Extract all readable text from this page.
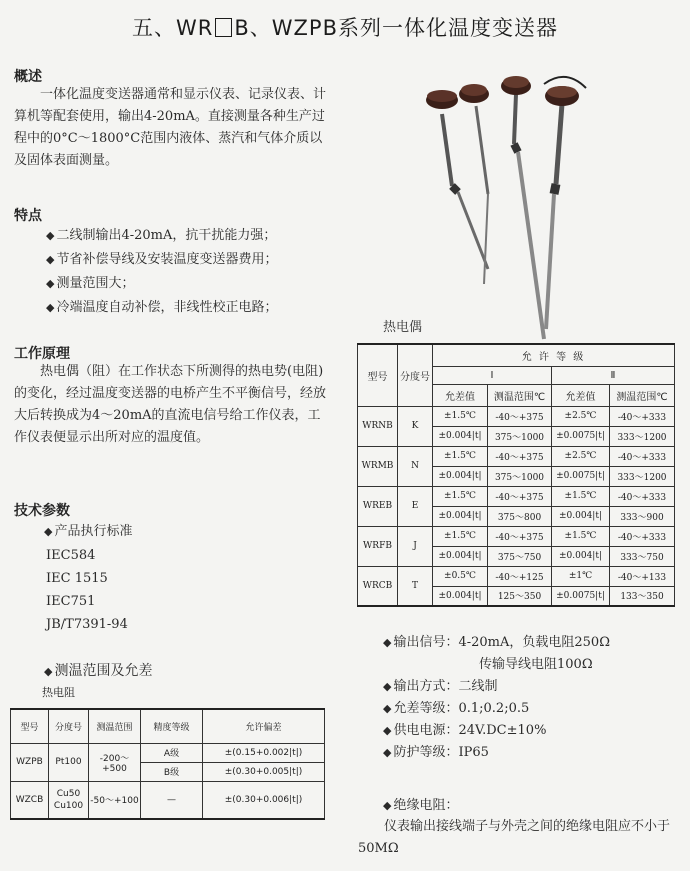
五、WR B、WZPB系列一体化温度变送器
概述
一体化温度变送器通常和显示仪表、记录仪表、计算机等配套使用，输出4-20mA。直接测量各种生产过程中的0°C～1800°C范围内液体、蒸汽和气体介质以及固体表面测量。
特点
◆ 二线制输出4-20mA，抗干扰能力强；
◆ 节省补偿导线及安装温度变送器费用；
◆ 测量范围大；
◆ 冷端温度自动补偿，非线性校正电路；
工作原理
热电偶（阻）在工作状态下所测得的热电势(电阻)的变化，经过温度变送器的电桥产生不平衡信号，经放大后转换成为4～20mA的直流电信号给工作仪表，工作仪表便显示出所对应的温度值。
技术参数
◆ 产品执行标准
IEC584
IEC 1515
IEC751
JB/T7391-94
◆ 测温范围及允差
热电阻
型号	分度号	测温范围	精度等级	允许偏差
WZPB	Pt100	-200～+500	A级	±(0.15+0.002|t|)
			B级	±(0.30+0.005|t|)
WZCB	Cu50
Cu100	-50～+100	—	±(0.30+0.006|t|)
热电偶
型号	分度号	允 许 等 级			
		I		Ⅱ	
		允差值	测温范围℃	允差值	测温范围℃
WRNB	K	±1.5℃	-40～+375	±2.5℃	-40～+333
		±0.004|t|	375～1000	±0.0075|t|	333～1200
WRMB	N	±1.5℃	-40～+375	±2.5℃	-40～+333
		±0.004|t|	375～1000	±0.0075|t|	333～1200
WREB	E	±1.5℃	-40～+375	±1.5℃	-40～+333
		±0.004|t|	375～800	±0.004|t|	333～900
WRFB	J	±1.5℃	-40～+375	±1.5℃	-40～+333
		±0.004|t|	375～750	±0.004|t|	333～750
WRCB	T	±0.5℃	-40～+125	±1℃	-40～+133
		±0.004|t|	125～350	±0.0075|t|	133～350
◆ 输出信号：4-20mA，负载电阻250Ω
传输导线电阻100Ω
◆ 输出方式：二线制
◆ 允差等级：0.1;0.2;0.5
◆ 供电电源：24V.DC±10%
◆ 防护等级：IP65
◆ 绝缘电阻：
仪表输出接线端子与外壳之间的绝缘电阻应不小于50MΩ
